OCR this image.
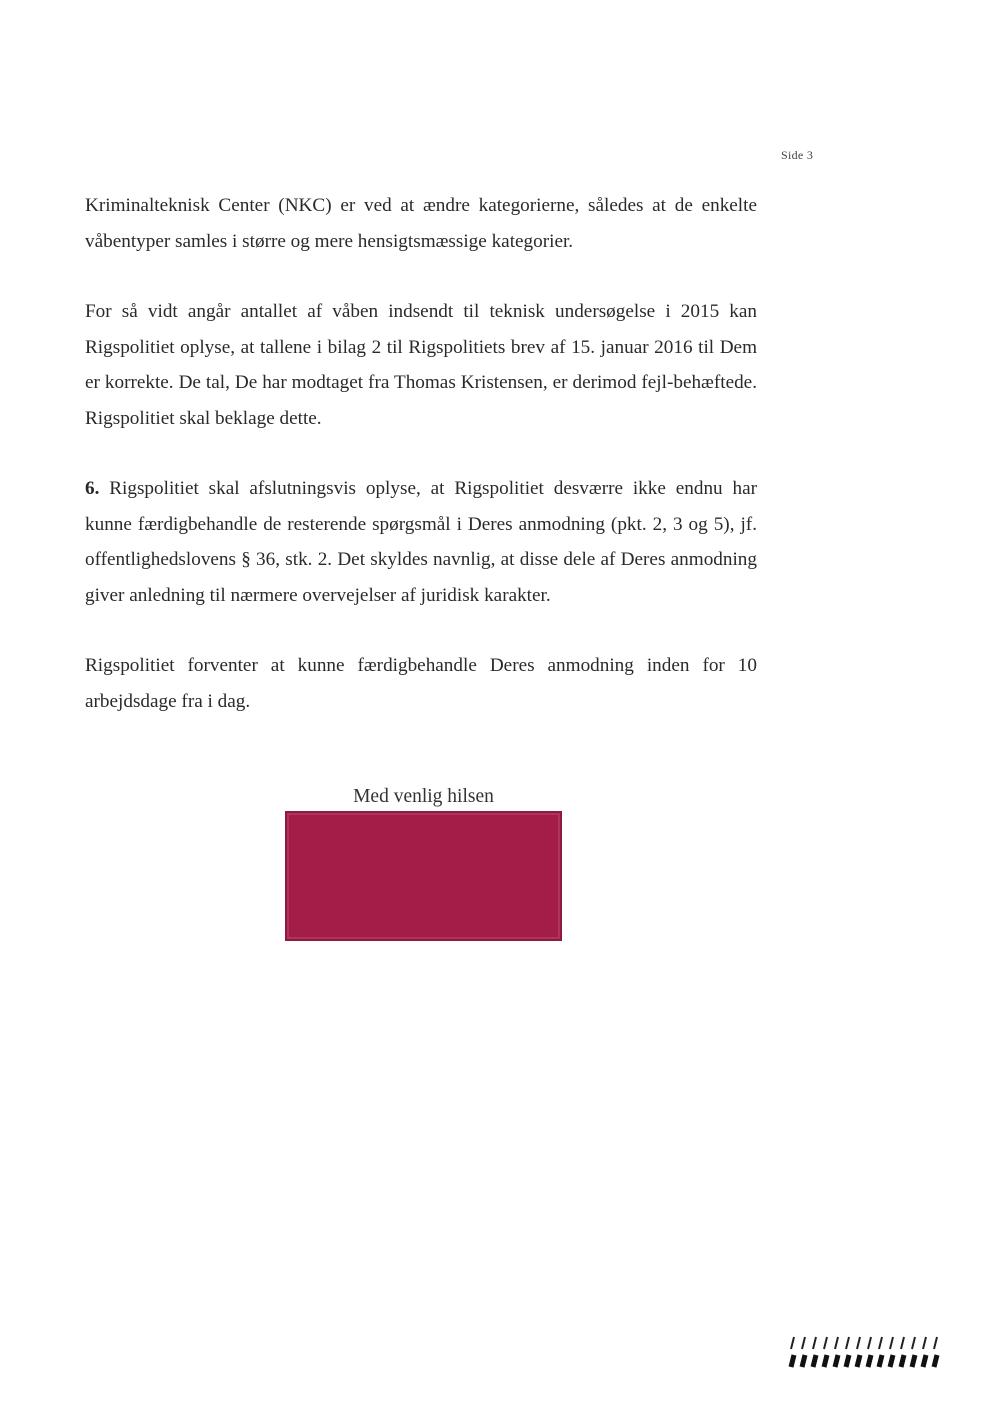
Side 3

Kriminalteknisk Center (NKC) er ved at ændre kategorierne, således at de enkelte våbentyper samles i større og mere hensigtsmæssige kategorier.

For så vidt angår antallet af våben indsendt til teknisk undersøgelse i 2015 kan Rigspolitiet oplyse, at tallene i bilag 2 til Rigspolitiets brev af 15. januar 2016 til Dem er korrekte. De tal, De har modtaget fra Thomas Kristensen, er derimod fejl-behæftede. Rigspolitiet skal beklage dette.

6. Rigspolitiet skal afslutningsvis oplyse, at Rigspolitiet desværre ikke endnu har kunne færdigbehandle de resterende spørgsmål i Deres anmodning (pkt. 2, 3 og 5), jf. offentlighedslovens § 36, stk. 2. Det skyldes navnlig, at disse dele af Deres anmodning giver anledning til nærmere overvejelser af juridisk karakter.

Rigspolitiet forventer at kunne færdigbehandle Deres anmodning inden for 10 arbejdsdage fra i dag.

Med venlig hilsen
